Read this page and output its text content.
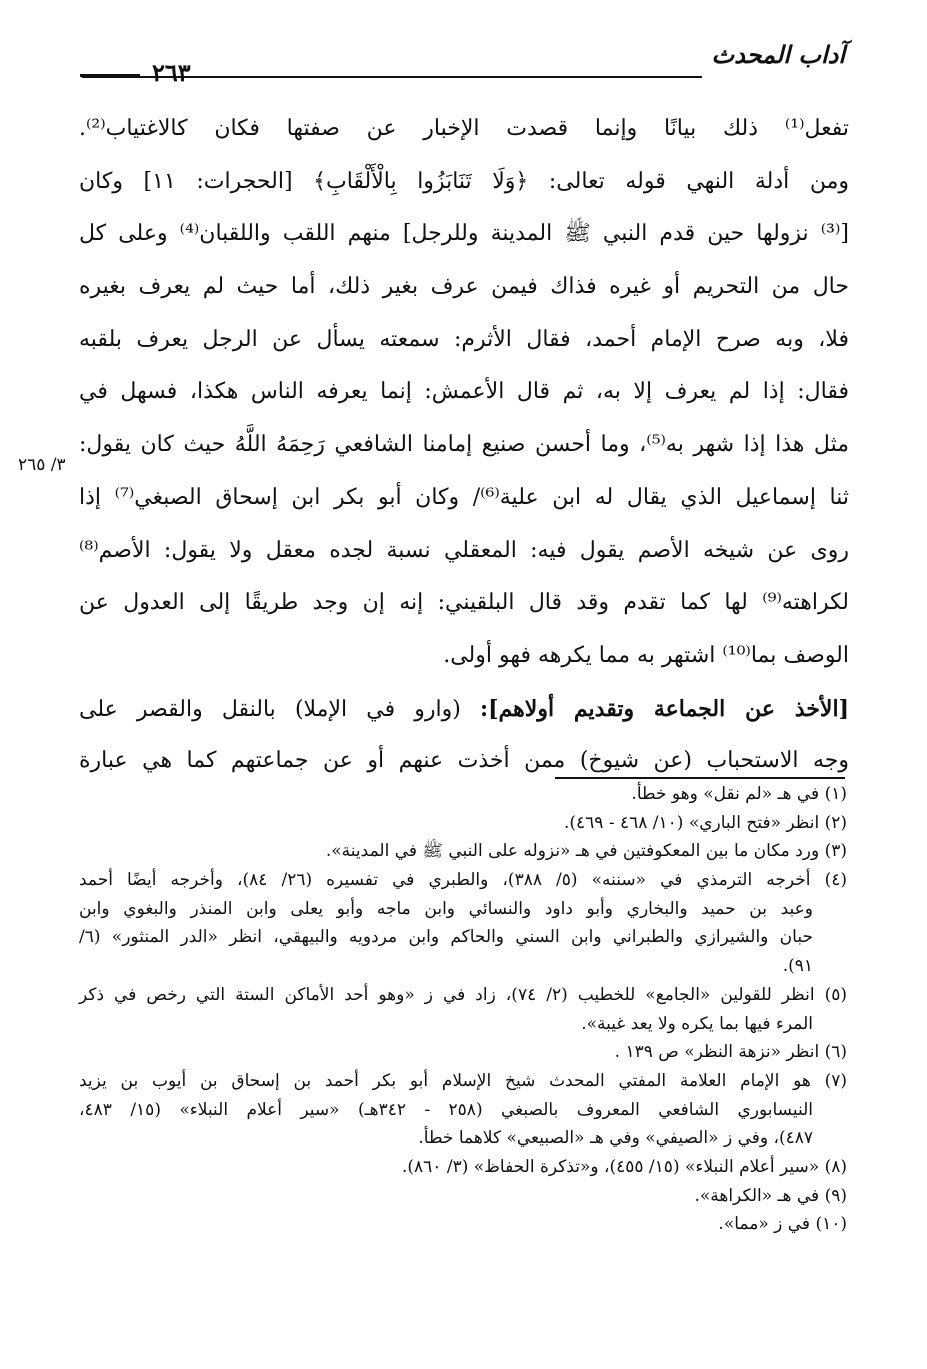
آداب المحدث
٢٦٣
تفعل⁽¹⁾ ذلك بيانًا وإنما قصدت الإخبار عن صفتها فكان كالاغتياب⁽²⁾.
ومن أدلة النهي قوله تعالى: ﴿وَلَا تَنَابَزُوا بِالْأَلْقَابِ﴾ [الحجرات: ١١] وكان
[⁽³⁾ نزولها حين قدم النبي ﷺ المدينة وللرجل] منهم اللقب واللقبان⁽⁴⁾ وعلى كل
حال من التحريم أو غيره فذاك فيمن عرف بغير ذلك، أما حيث لم يعرف بغيره
فلا، وبه صرح الإمام أحمد، فقال الأثرم: سمعته يسأل عن الرجل يعرف بلقبه
فقال: إذا لم يعرف إلا به، ثم قال الأعمش: إنما يعرفه الناس هكذا، فسهل في
مثل هذا إذا شهر به⁽⁵⁾، وما أحسن صنيع إمامنا الشافعي رَحِمَهُ اللَّهُ حيث كان يقول:
ثنا إسماعيل الذي يقال له ابن علية⁽⁶⁾/ وكان أبو بكر ابن إسحاق الصبغي⁽⁷⁾ إذا
روى عن شيخه الأصم يقول فيه: المعقلي نسبة لجده معقل ولا يقول: الأصم⁽⁸⁾
لكراهته⁽⁹⁾ لها كما تقدم وقد قال البلقيني: إنه إن وجد طريقًا إلى العدول عن
الوصف بما⁽¹⁰⁾ اشتهر به مما يكرهه فهو أولى.
[الأخذ عن الجماعة وتقديم أولاهم]: (وارو في الإملا) بالنقل والقصر على
وجه الاستحباب (عن شيوخ) ممن أخذت عنهم أو عن جماعتهم كما هي عبارة
٣/ ٢٦٥
(١) في هـ «لم نقل» وهو خطأ.
(٢) انظر «فتح الباري» (١٠/ ٤٦٨ - ٤٦٩).
(٣) ورد مكان ما بين المعكوفتين في هـ «نزوله على النبي ﷺ في المدينة».
(٤) أخرجه الترمذي في «سننه» (٥/ ٣٨٨)، والطبري في تفسيره (٢٦/ ٨٤)، وأخرجه أيضًا أحمد
وعبد بن حميد والبخاري وأبو داود والنسائي وابن ماجه وأبو يعلى وابن المنذر والبغوي وابن
حبان والشيرازي والطبراني وابن السني والحاكم وابن مردويه والبيهقي، انظر «الدر المنثور» (٦/
٩١).
(٥) انظر للقولين «الجامع» للخطيب (٢/ ٧٤)، زاد في ز «وهو أحد الأماكن الستة التي رخص في ذكر
المرء فيها بما يكره ولا يعد غيبة».
(٦) انظر «نزهة النظر» ص ١٣٩ .
(٧) هو الإمام العلامة المفتي المحدث شيخ الإسلام أبو بكر أحمد بن إسحاق بن أيوب بن يزيد
النيسابوري الشافعي المعروف بالصبغي (٢٥٨ - ٣٤٢هـ) «سير أعلام النبلاء» (١٥/ ٤٨٣،
٤٨٧)، وفي ز «الصيفي» وفي هـ «الصبيعي» كلاهما خطأ.
(٨) «سير أعلام النبلاء» (١٥/ ٤٥٥)، و«تذكرة الحفاظ» (٣/ ٨٦٠).
(٩) في هـ «الكراهة».
(١٠) في ز «مما».
